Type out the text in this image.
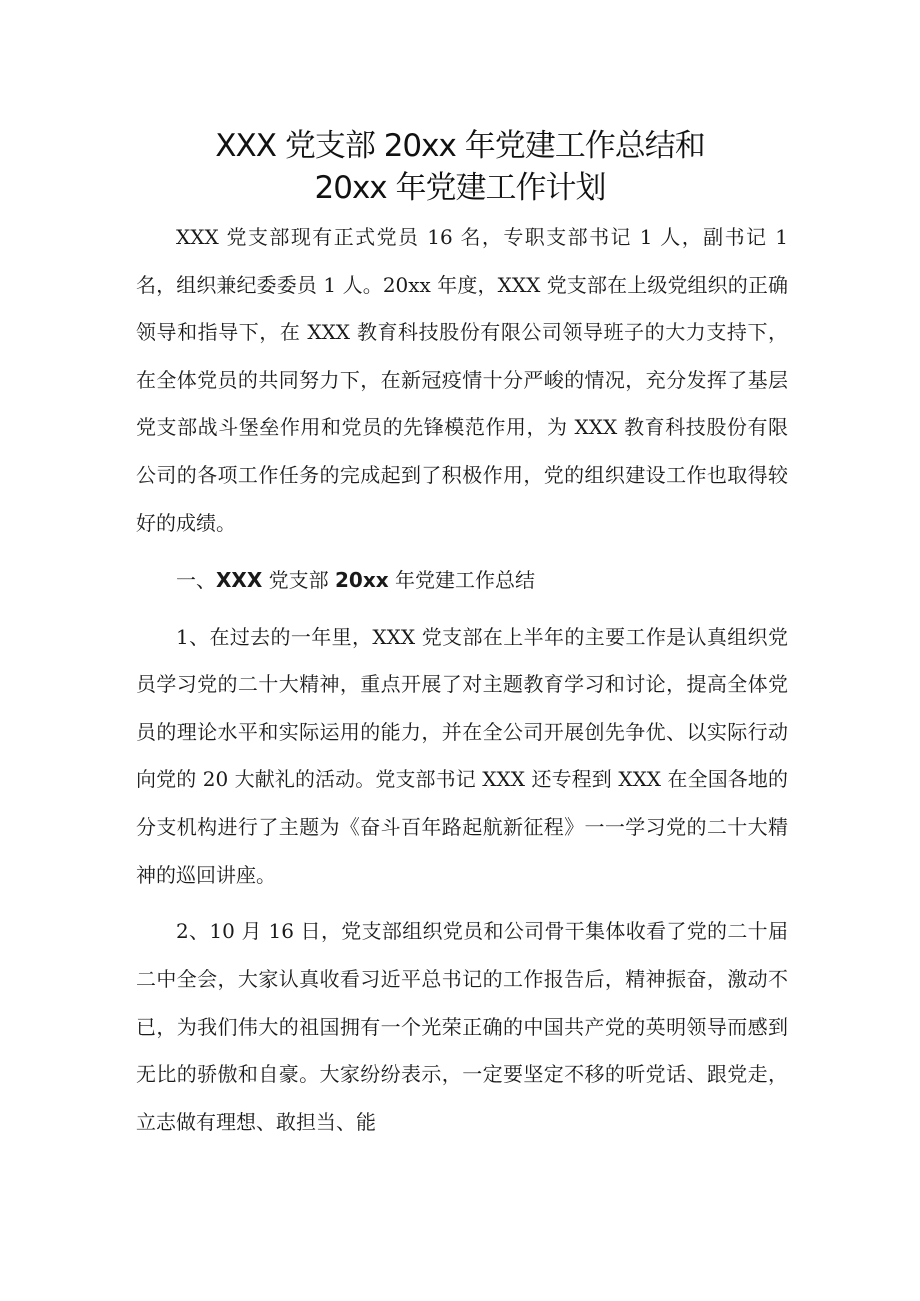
XXX 党支部 20xx 年党建工作总结和
20xx 年党建工作计划

XXX 党支部现有正式党员 16 名，专职支部书记 1 人，副书记 1 名，组织兼纪委委员 1 人。20xx 年度，XXX 党支部在上级党组织的正确领导和指导下，在 XXX 教育科技股份有限公司领导班子的大力支持下，在全体党员的共同努力下，在新冠疫情十分严峻的情况，充分发挥了基层党支部战斗堡垒作用和党员的先锋模范作用，为 XXX 教育科技股份有限公司的各项工作任务的完成起到了积极作用，党的组织建设工作也取得较好的成绩。

一、XXX 党支部 20xx 年党建工作总结

1、在过去的一年里，XXX 党支部在上半年的主要工作是认真组织党员学习党的二十大精神，重点开展了对主题教育学习和讨论，提高全体党员的理论水平和实际运用的能力，并在全公司开展创先争优、以实际行动向党的 20 大献礼的活动。党支部书记 XXX 还专程到 XXX 在全国各地的分支机构进行了主题为《奋斗百年路起航新征程》一一学习党的二十大精神的巡回讲座。

2、10 月 16 日，党支部组织党员和公司骨干集体收看了党的二十届二中全会，大家认真收看习近平总书记的工作报告后，精神振奋，激动不已，为我们伟大的祖国拥有一个光荣正确的中国共产党的英明领导而感到无比的骄傲和自豪。大家纷纷表示，一定要坚定不移的听党话、跟党走，立志做有理想、敢担当、能
